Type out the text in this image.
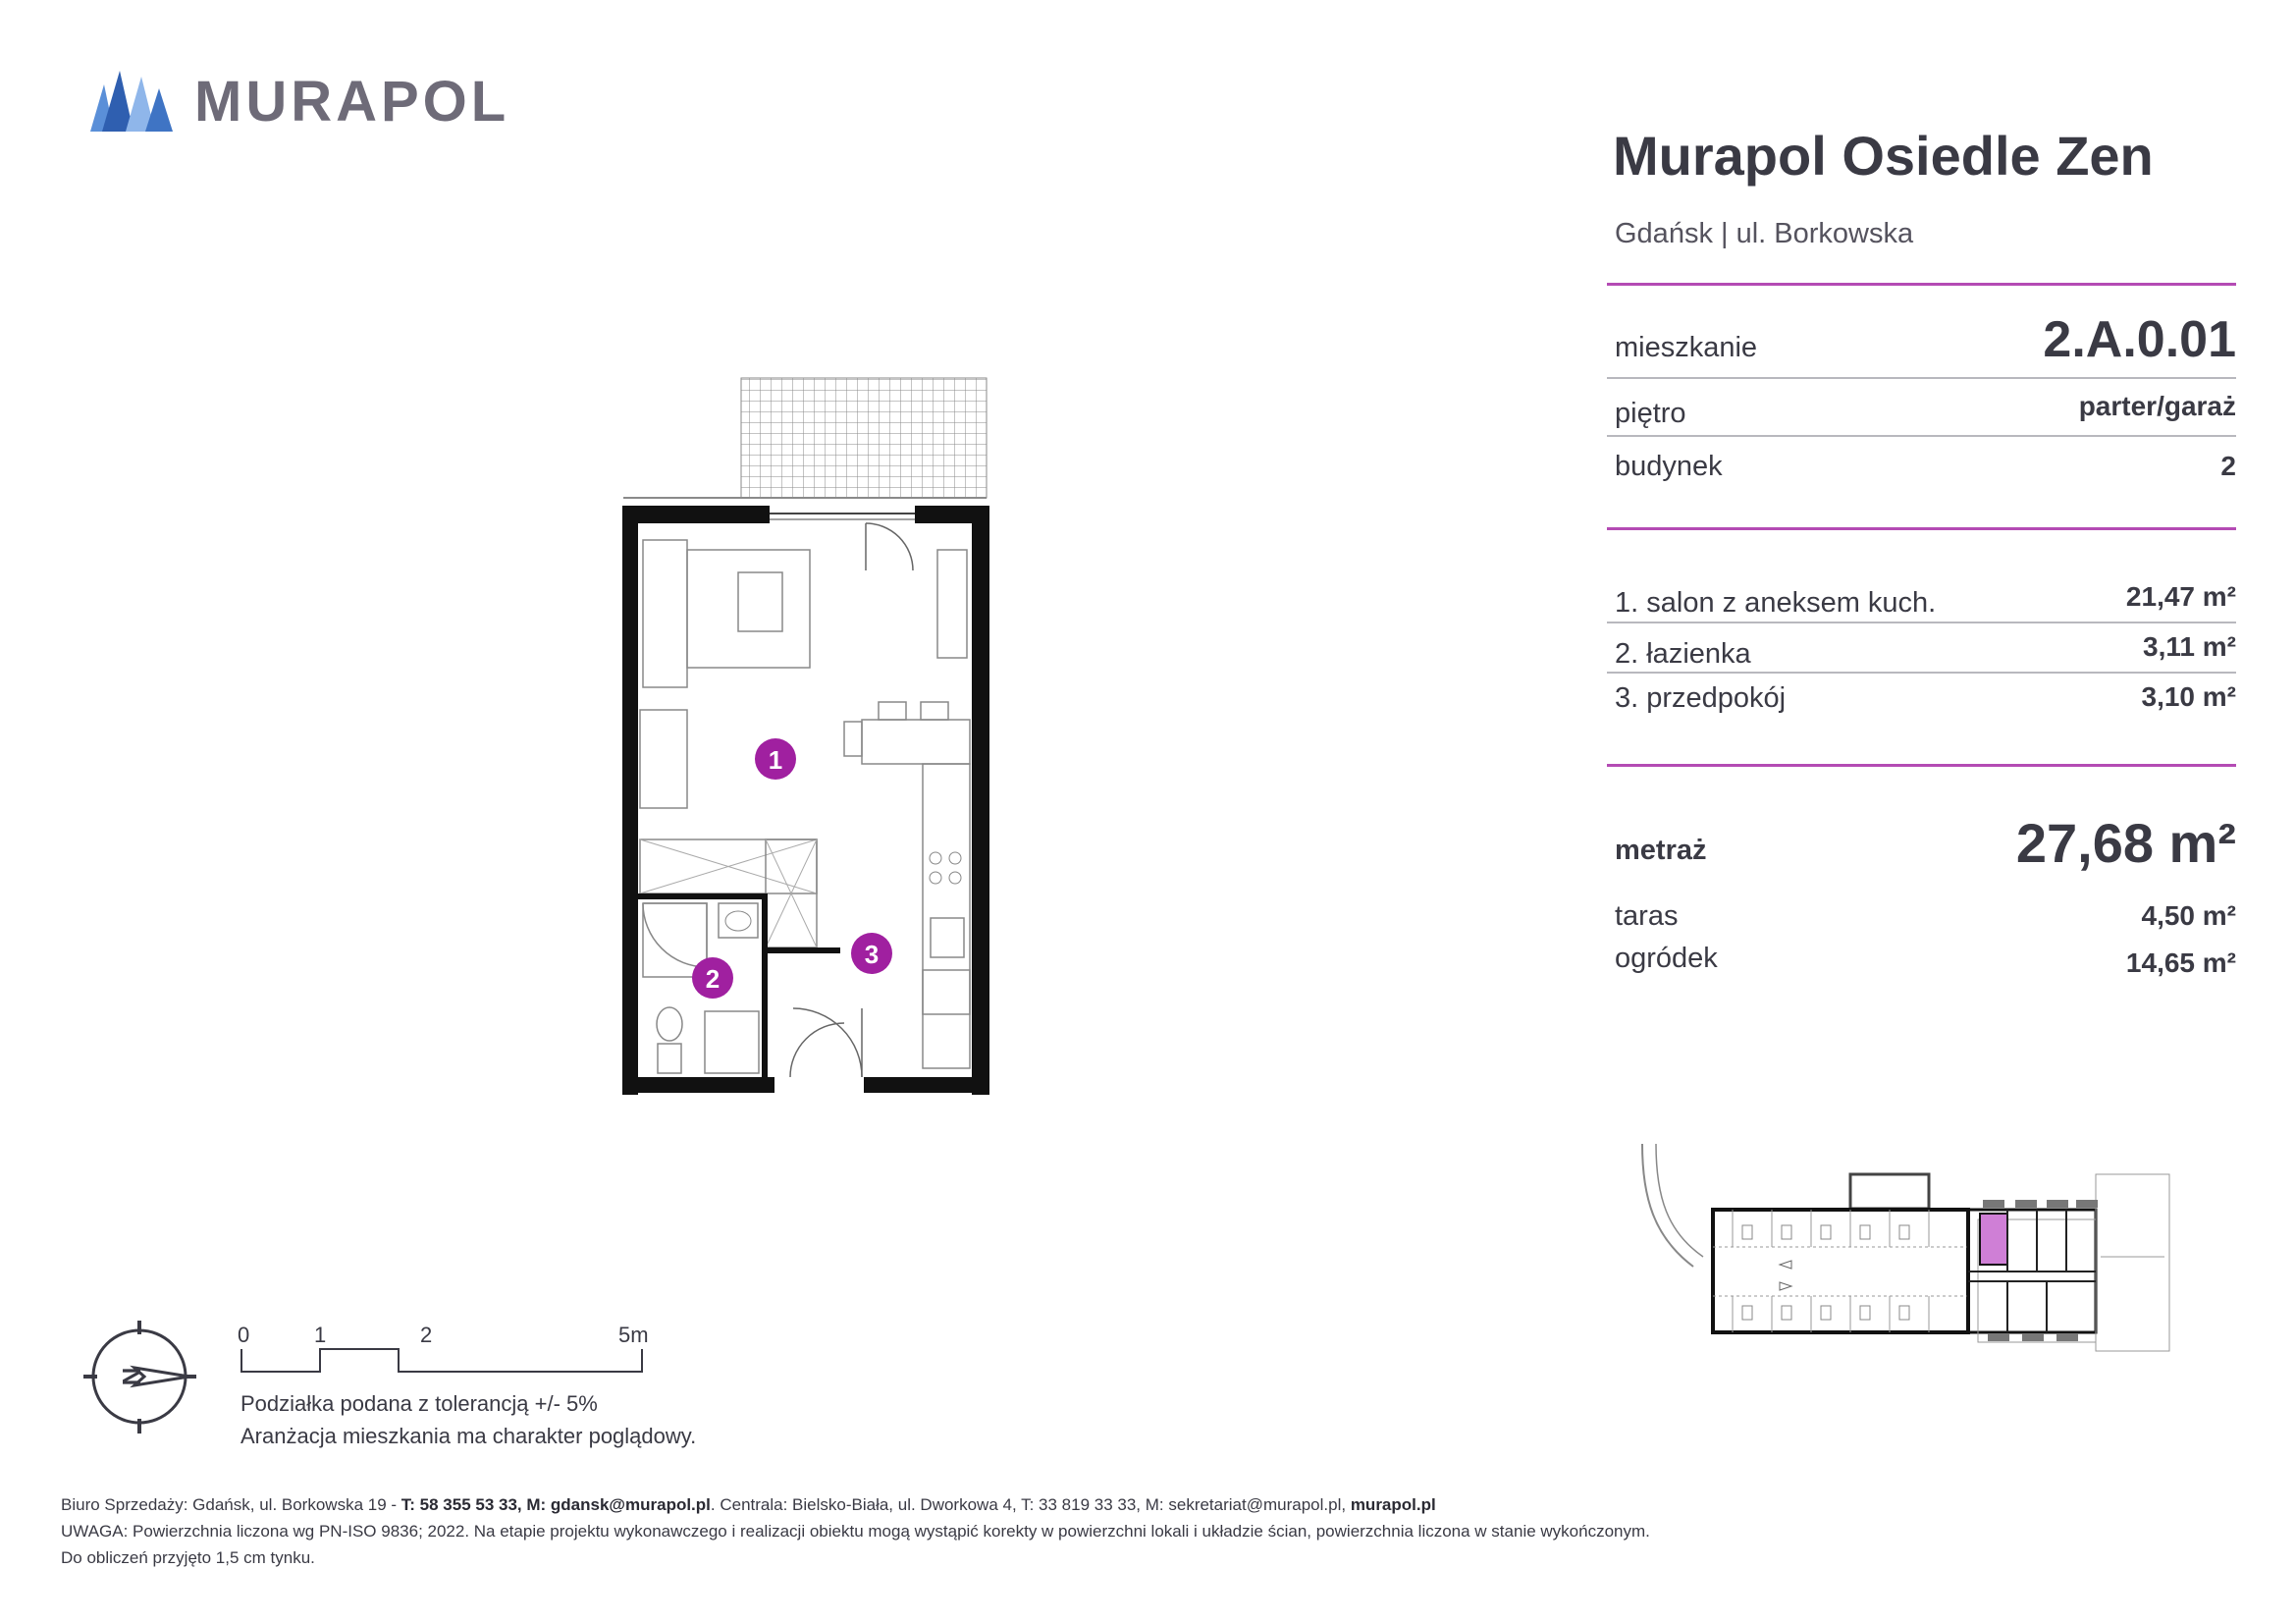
MURAPOL
Murapol Osiedle Zen
Gdańsk | ul. Borkowska
mieszkanie	2.A.0.01
piętro	parter/garaż
budynek	2
1. salon z aneksem kuch.	21,47 m²
2. łazienka	3,11 m²
3. przedpokój	3,10 m²
metraż	27,68 m²
taras	4,50 m²
ogródek	14,65 m²
1
2
3
N
0	1	2	5m
Podziałka podana z tolerancją +/- 5%
Aranżacja mieszkania ma charakter poglądowy.
Biuro Sprzedaży: Gdańsk, ul. Borkowska 19 - T: 58 355 53 33, M: gdansk@murapol.pl. Centrala: Bielsko-Biała, ul. Dworkowa 4, T: 33 819 33 33, M: sekretariat@murapol.pl, murapol.pl
UWAGA: Powierzchnia liczona wg PN-ISO 9836; 2022. Na etapie projektu wykonawczego i realizacji obiektu mogą wystąpić korekty w powierzchni lokali i układzie ścian, powierzchnia liczona w stanie wykończonym.
Do obliczeń przyjęto 1,5 cm tynku.
